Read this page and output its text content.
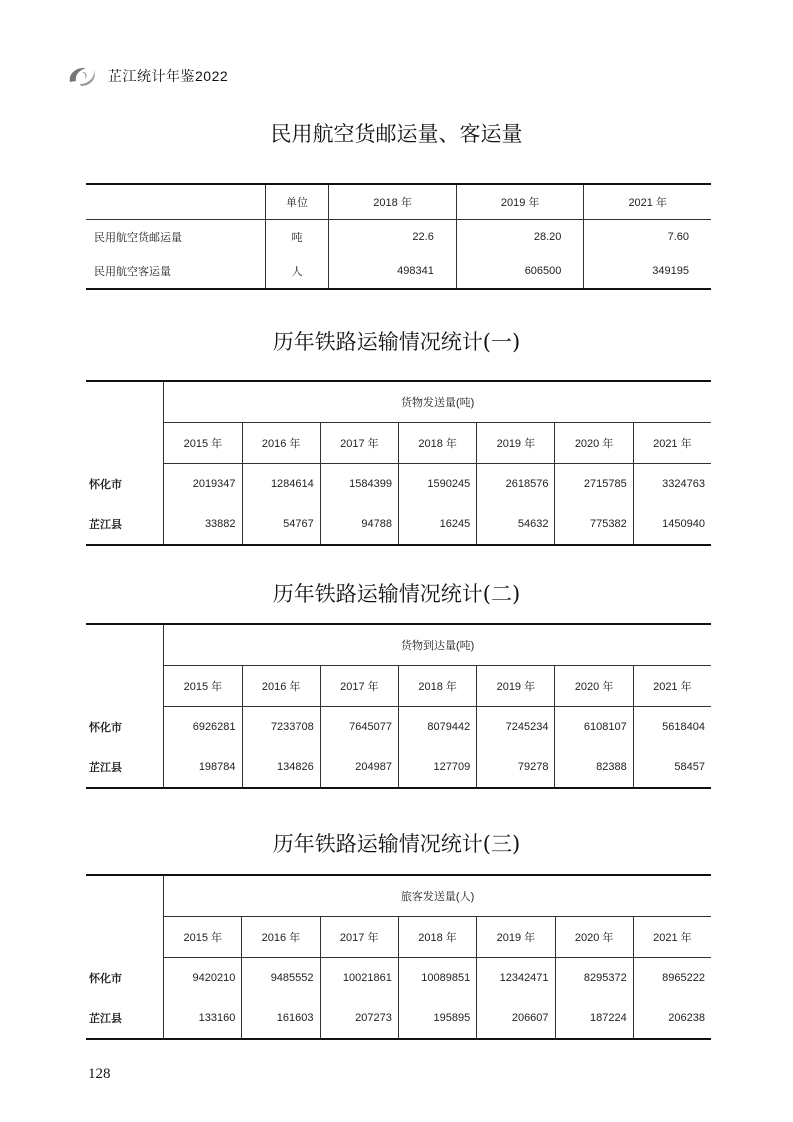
芷江统计年鉴2022
民用航空货邮运量、客运量
	单位	2018 年	2019 年	2021 年
民用航空货邮运量	吨	22.6	28.20	7.60
民用航空客运量	人	498341	606500	349195
历年铁路运输情况统计(一)
	货物发送量(吨)						
	2015 年	2016 年	2017 年	2018 年	2019 年	2020 年	2021 年
怀化市	2019347	1284614	1584399	1590245	2618576	2715785	3324763
芷江县	33882	54767	94788	16245	54632	775382	1450940
历年铁路运输情况统计(二)
	货物到达量(吨)						
	2015 年	2016 年	2017 年	2018 年	2019 年	2020 年	2021 年
怀化市	6926281	7233708	7645077	8079442	7245234	6108107	5618404
芷江县	198784	134826	204987	127709	79278	82388	58457
历年铁路运输情况统计(三)
	旅客发送量(人)						
	2015 年	2016 年	2017 年	2018 年	2019 年	2020 年	2021 年
怀化市	9420210	9485552	10021861	10089851	12342471	8295372	8965222
芷江县	133160	161603	207273	195895	206607	187224	206238
128
